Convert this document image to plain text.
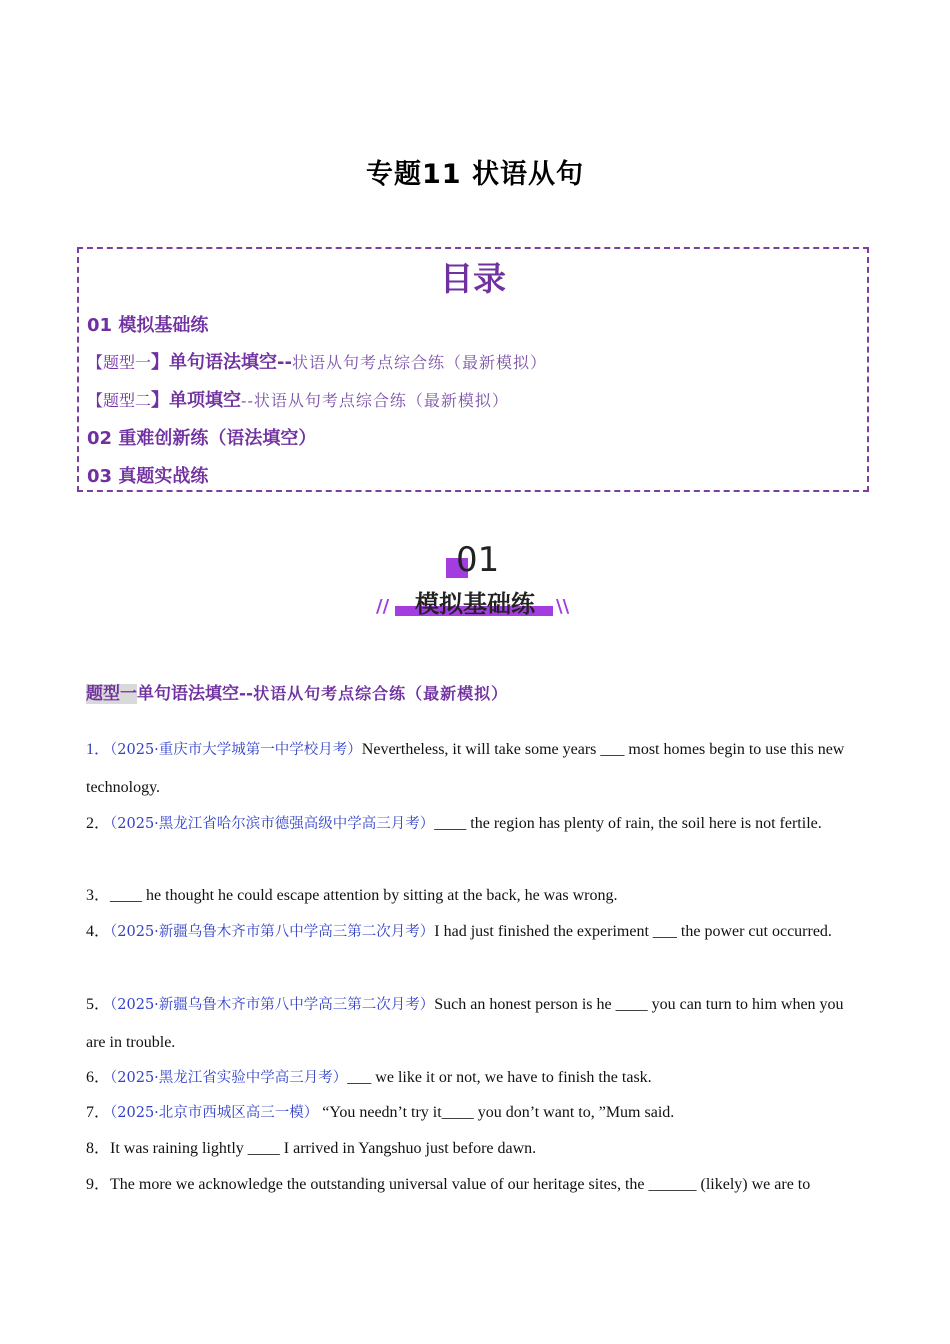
专题11 状语从句
目录
01 模拟基础练
【题型一】单句语法填空--状语从句考点综合练（最新模拟）
【题型二】单项填空--状语从句考点综合练（最新模拟）
02 重难创新练（语法填空）
03 真题实战练
01
模拟基础练
//	\\
题型一单句语法填空--状语从句考点综合练（最新模拟）
1．（2025·重庆市大学城第一中学校月考）Nevertheless, it will take some years ___ most homes begin to use this new technology.
2．（2025·黑龙江省哈尔滨市德强高级中学高三月考）____ the region has plenty of rain, the soil here is not fertile.
3．____ he thought he could escape attention by sitting at the back, he was wrong.
4．（2025·新疆乌鲁木齐市第八中学高三第二次月考）I had just finished the experiment ___ the power cut occurred.
5．（2025·新疆乌鲁木齐市第八中学高三第二次月考）Such an honest person is he ____ you can turn to him when you are in trouble.
6．（2025·黑龙江省实验中学高三月考）___ we like it or not, we have to finish the task.
7．（2025·北京市西城区高三一模） “You needn’t try it____ you don’t want to, ”Mum said.
8．It was raining lightly ____ I arrived in Yangshuo just before dawn.
9．The more we acknowledge the outstanding universal value of our heritage sites, the ______ (likely) we are to
